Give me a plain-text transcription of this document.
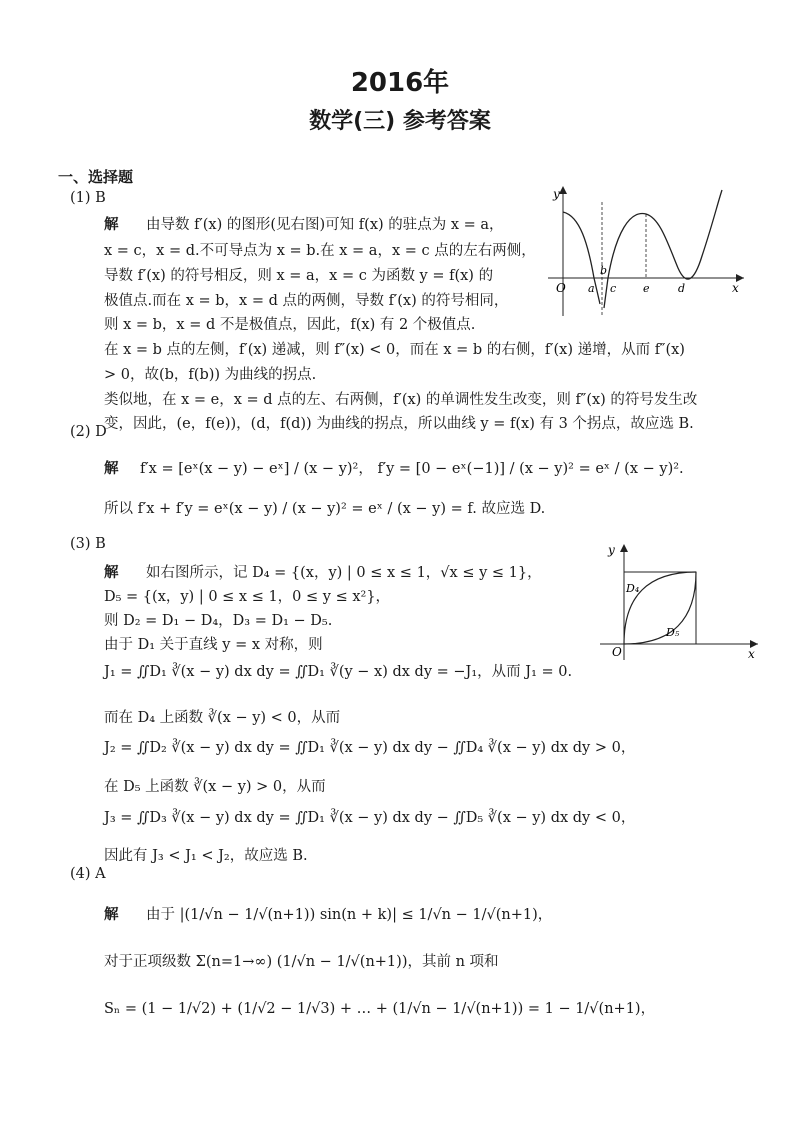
2016年
数学(三) 参考答案
一、选择题
(1) B
解 由导数 f′(x) 的图形(见右图)可知 f(x) 的驻点为 x = a，
x = c，x = d.不可导点为 x = b.在 x = a，x = c 点的左右两侧，
导数 f′(x) 的符号相反，则 x = a，x = c 为函数 y = f(x) 的
极值点.而在 x = b，x = d 点的两侧，导数 f′(x) 的符号相同，
则 x = b，x = d 不是极值点，因此，f(x) 有 2 个极值点.
在 x = b 点的左侧，f′(x) 递减，则 f″(x) < 0，而在 x = b 的右侧，f′(x) 递增，从而 f″(x)
> 0，故(b，f(b)) 为曲线的拐点.
类似地，在 x = e，x = d 点的左、右两侧，f′(x) 的单调性发生改变，则 f″(x) 的符号发生改
变，因此，(e，f(e))，(d，f(d)) 为曲线的拐点，所以曲线 y = f(x) 有 3 个拐点，故应选 B.
y
O a
b
c e	d	x
(2) D
解 f′x = [eˣ(x − y) − eˣ] / (x − y)²， f′y = [0 − eˣ(−1)] / (x − y)² = eˣ / (x − y)².
所以 f′x + f′y = eˣ(x − y) / (x − y)² = eˣ / (x − y) = f. 故应选 D.
(3) B
解 如右图所示，记 D₄ = {(x，y) | 0 ≤ x ≤ 1，√x ≤ y ≤ 1}，
D₅ = {(x，y) | 0 ≤ x ≤ 1，0 ≤ y ≤ x²}，
则 D₂ = D₁ − D₄，D₃ = D₁ − D₅.
由于 D₁ 关于直线 y = x 对称，则
J₁ = ∬D₁ ∛(x − y) dx dy = ∬D₁ ∛(y − x) dx dy = −J₁，从而 J₁ = 0.
而在 D₄ 上函数 ∛(x − y) < 0，从而
J₂ = ∬D₂ ∛(x − y) dx dy = ∬D₁ ∛(x − y) dx dy − ∬D₄ ∛(x − y) dx dy > 0，
在 D₅ 上函数 ∛(x − y) > 0，从而
J₃ = ∬D₃ ∛(x − y) dx dy = ∬D₁ ∛(x − y) dx dy − ∬D₅ ∛(x − y) dx dy < 0，
因此有 J₃ < J₁ < J₂，故应选 B.
y
O	x
D₄
D₅
(4) A
解 由于 |(1/√n − 1/√(n+1)) sin(n + k)| ≤ 1/√n − 1/√(n+1)，
对于正项级数 Σ(n=1→∞) (1/√n − 1/√(n+1))，其前 n 项和
Sₙ = (1 − 1/√2) + (1/√2 − 1/√3) + … + (1/√n − 1/√(n+1)) = 1 − 1/√(n+1)，
